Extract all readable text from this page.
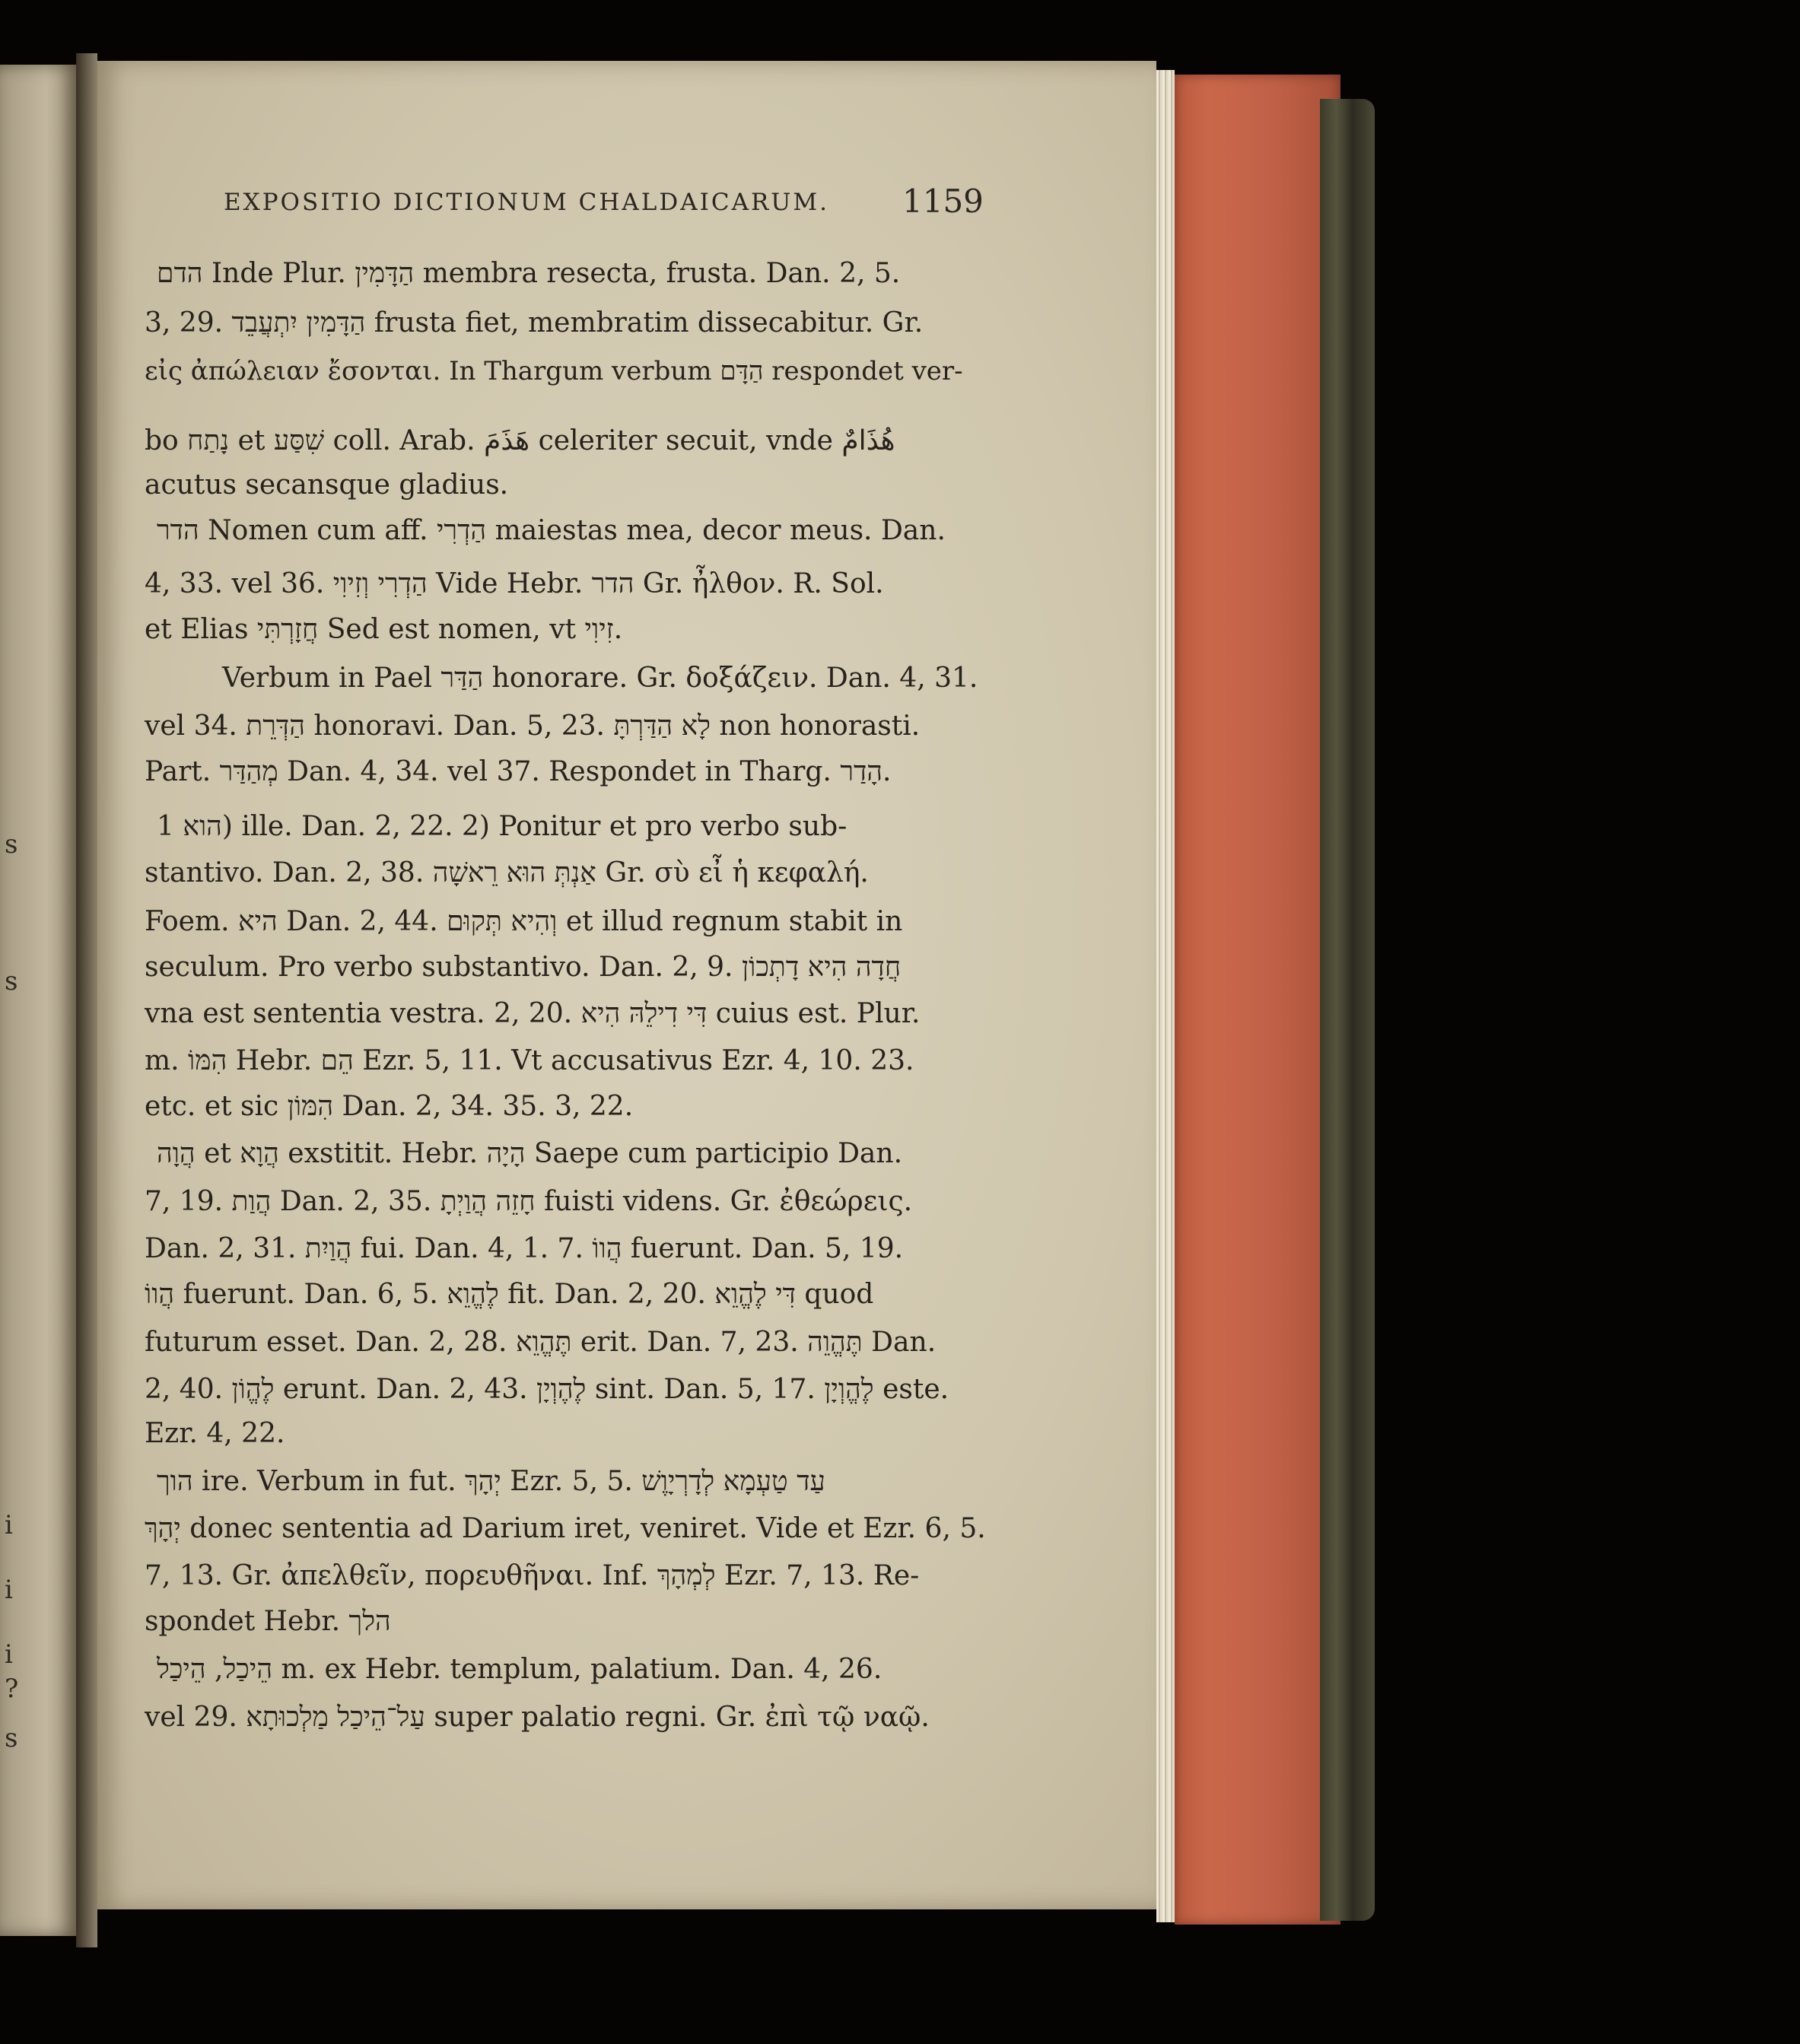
s
s
i
i
i
?
s
EXPOSITIO DICTIONUM CHALDAICARUM. 1159
הדם Inde Plur. הַדָּמִין membra resecta, frusta. Dan. 2, 5.
3, 29. הַדָּמִין יִתְעֲבֵד frusta fiet, membratim dissecabitur. Gr.
εἰς ἀπώλειαν ἔσονται. In Thargum verbum הַדָּם respondet ver-
bo נָתַח et שִׁסַּע coll. Arab. هَذَمَ celeriter secuit, vnde هُذَامٌ
acutus secansque gladius.
הדר Nomen cum aff. הַדְרִי maiestas mea, decor meus. Dan.
4, 33. vel 36. הַדְרִי וְזִיוִי Vide Hebr. הדר Gr. ἦλθον. R. Sol.
et Elias חֲזָרְתִּי Sed est nomen, vt זִיוִי.
Verbum in Pael הַדַּר honorare. Gr. δοξάζειν. Dan. 4, 31.
vel 34. הַדְּרֵת honoravi. Dan. 5, 23. לָא הַדַּרְתָּ non honorasti.
Part. מְהַדַּר Dan. 4, 34. vel 37. Respondet in Tharg. הָדַר.
הוא 1) ille. Dan. 2, 22. 2) Ponitur et pro verbo sub-
stantivo. Dan. 2, 38. אַנְתְּ הוּא רֵאשָׁה Gr. σὺ εἶ ἡ κεφαλή.
Foem. היא Dan. 2, 44. וְהִיא תְּקוּם et illud regnum stabit in
seculum. Pro verbo substantivo. Dan. 2, 9. חֲדָה הִיא דָתְכוֹן
vna est sententia vestra. 2, 20. דִּי דִילֵהּ הִיא cuius est. Plur.
m. הִמּוֹ Hebr. הֵם Ezr. 5, 11. Vt accusativus Ezr. 4, 10. 23.
etc. et sic הִמּוֹן Dan. 2, 34. 35. 3, 22.
הֲוָה et הֲוָא exstitit. Hebr. הָיָה Saepe cum participio Dan.
7, 19. הֲוַת Dan. 2, 35. חָזֵה הֲוַיְתָ fuisti videns. Gr. ἐθεώρεις.
Dan. 2, 31. הֲוַיִת fui. Dan. 4, 1. 7. הֲווֹ fuerunt. Dan. 5, 19.
הֲווֹ fuerunt. Dan. 6, 5. לֶהֱוֵא fit. Dan. 2, 20. דִּי לֶהֱוֵא quod
futurum esset. Dan. 2, 28. תֶּהֱוֵא erit. Dan. 7, 23. תֶּהֱוֵה Dan.
2, 40. לֶהֱוֹן erunt. Dan. 2, 43. לֶהֶוְיָן sint. Dan. 5, 17. לֶהֱוְיָן este.
Ezr. 4, 22.
הוך ire. Verbum in fut. יְהָךְ Ezr. 5, 5. עַד טַעְמָא לְדָרְיָוֶשׁ
יְהָךְ donec sententia ad Darium iret, veniret. Vide et Ezr. 6, 5.
7, 13. Gr. ἀπελθεῖν, πορευθῆναι. Inf. לְמְהָךְ Ezr. 7, 13. Re-
spondet Hebr. הלך
הֵיכַל, הֵיכַל m. ex Hebr. templum, palatium. Dan. 4, 26.
vel 29. עַל־הֵיכַל מַלְכוּתָא super palatio regni. Gr. ἐπὶ τῷ ναῷ.
